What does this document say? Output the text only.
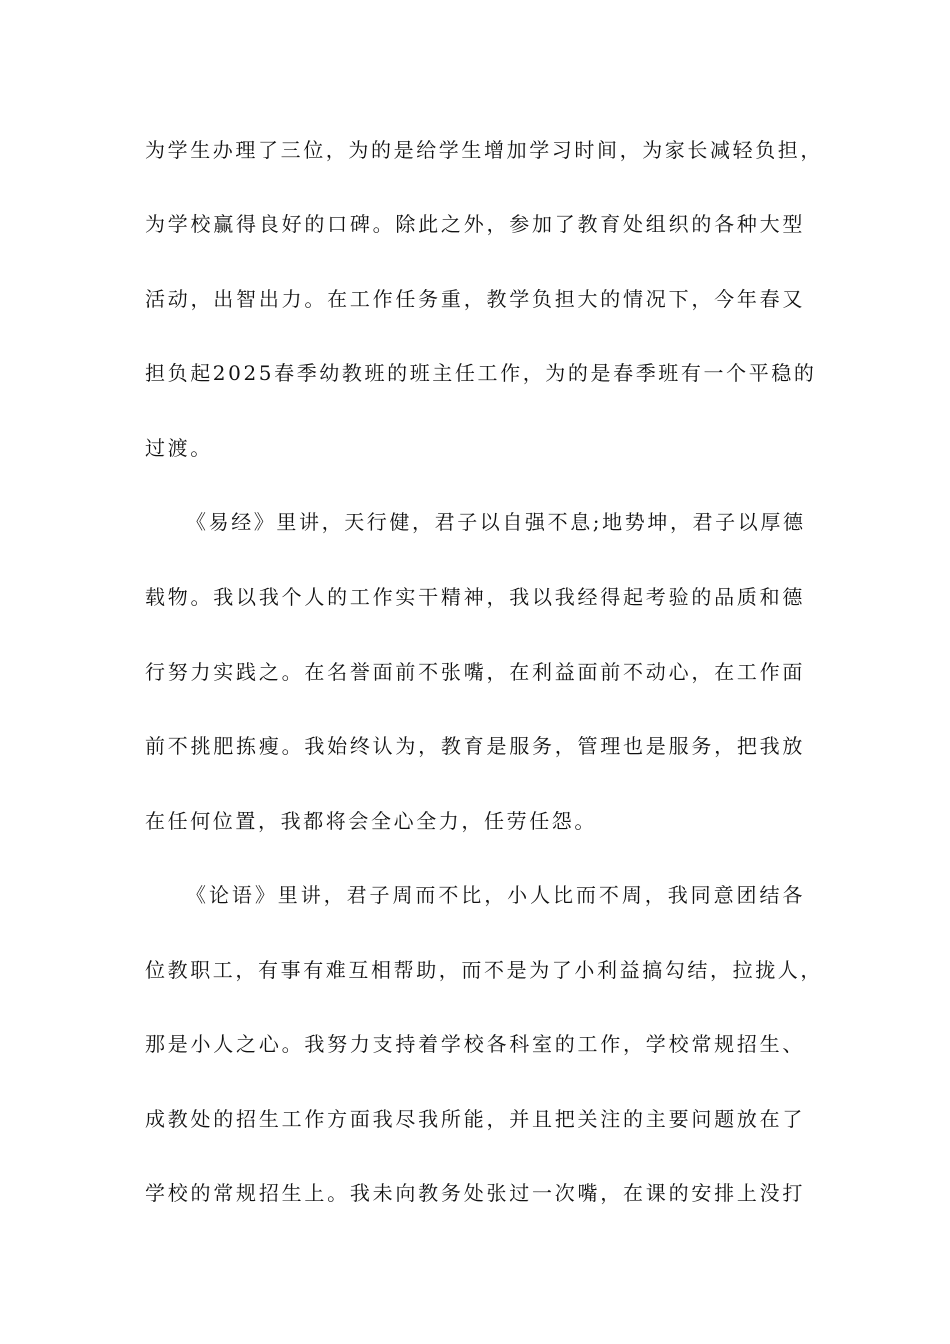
为学生办理了三位，为的是给学生增加学习时间，为家长减轻负担，
为学校赢得良好的口碑。除此之外，参加了教育处组织的各种大型
活动，出智出力。在工作任务重，教学负担大的情况下，今年春又
担负起2025春季幼教班的班主任工作，为的是春季班有一个平稳的
过渡。
《易经》里讲，天行健，君子以自强不息;地势坤，君子以厚德
载物。我以我个人的工作实干精神，我以我经得起考验的品质和德
行努力实践之。在名誉面前不张嘴，在利益面前不动心，在工作面
前不挑肥拣瘦。我始终认为，教育是服务，管理也是服务，把我放
在任何位置，我都将会全心全力，任劳任怨。
《论语》里讲，君子周而不比，小人比而不周，我同意团结各
位教职工，有事有难互相帮助，而不是为了小利益搞勾结，拉拢人，
那是小人之心。我努力支持着学校各科室的工作，学校常规招生、
成教处的招生工作方面我尽我所能，并且把关注的主要问题放在了
学校的常规招生上。我未向教务处张过一次嘴，在课的安排上没打
